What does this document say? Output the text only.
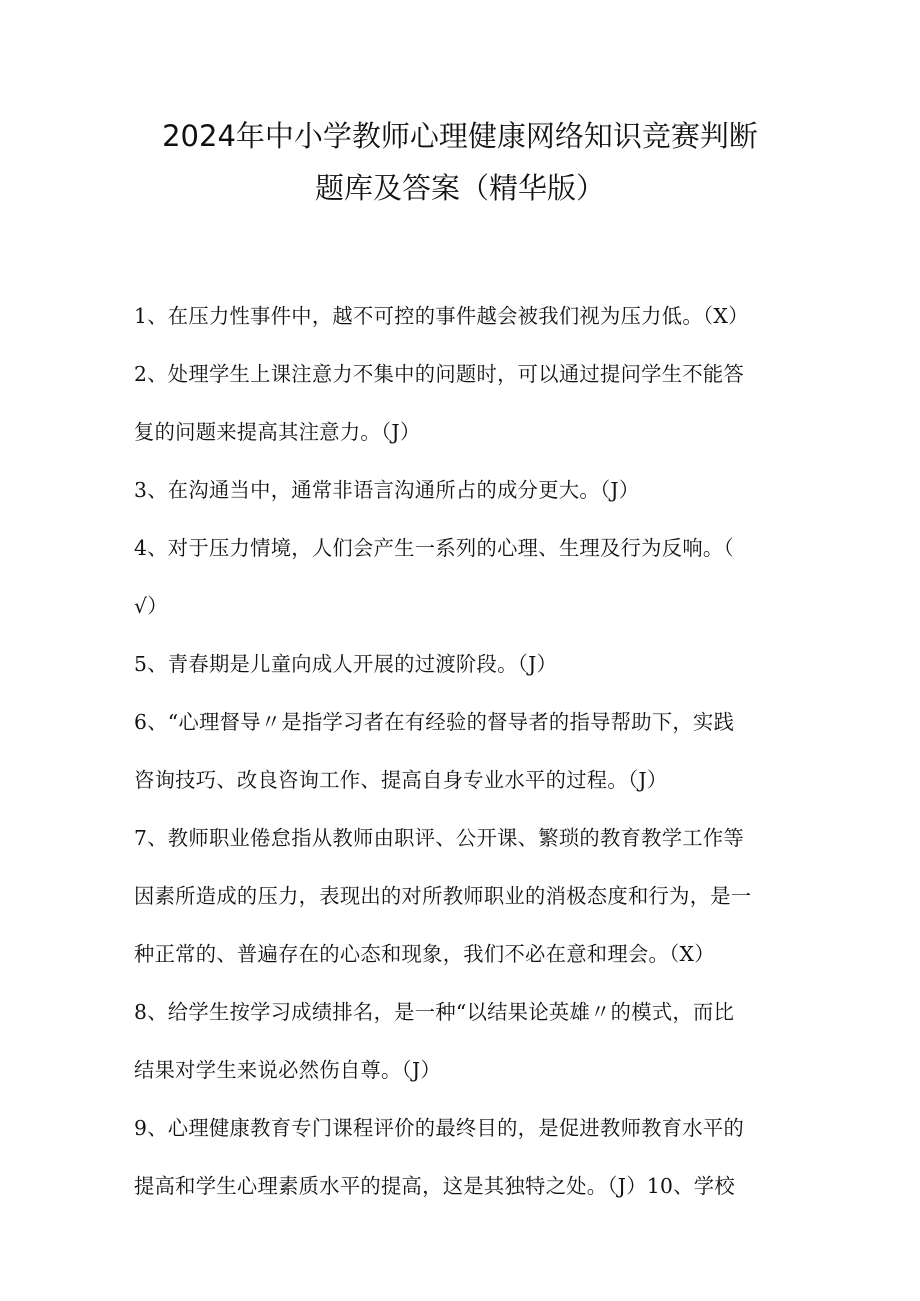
2024年中小学教师心理健康网络知识竞赛判断
题库及答案（精华版）
1、在压力性事件中，越不可控的事件越会被我们视为压力低。（X）
2、处理学生上课注意力不集中的问题时，可以通过提问学生不能答
复的问题来提高其注意力。（J）
3、在沟通当中，通常非语言沟通所占的成分更大。（J）
4、对于压力情境，人们会产生一系列的心理、生理及行为反响。（
√）
5、青春期是儿童向成人开展的过渡阶段。（J）
6、“心理督导〃是指学习者在有经验的督导者的指导帮助下，实践
咨询技巧、改良咨询工作、提高自身专业水平的过程。（J）
7、教师职业倦怠指从教师由职评、公开课、繁琐的教育教学工作等
因素所造成的压力，表现出的对所教师职业的消极态度和行为，是一
种正常的、普遍存在的心态和现象，我们不必在意和理会。（X）
8、给学生按学习成绩排名，是一种“以结果论英雄〃的模式，而比
结果对学生来说必然伤自尊。（J）
9、心理健康教育专门课程评价的最终目的，是促进教师教育水平的
提高和学生心理素质水平的提高，这是其独特之处。（J）10、学校
